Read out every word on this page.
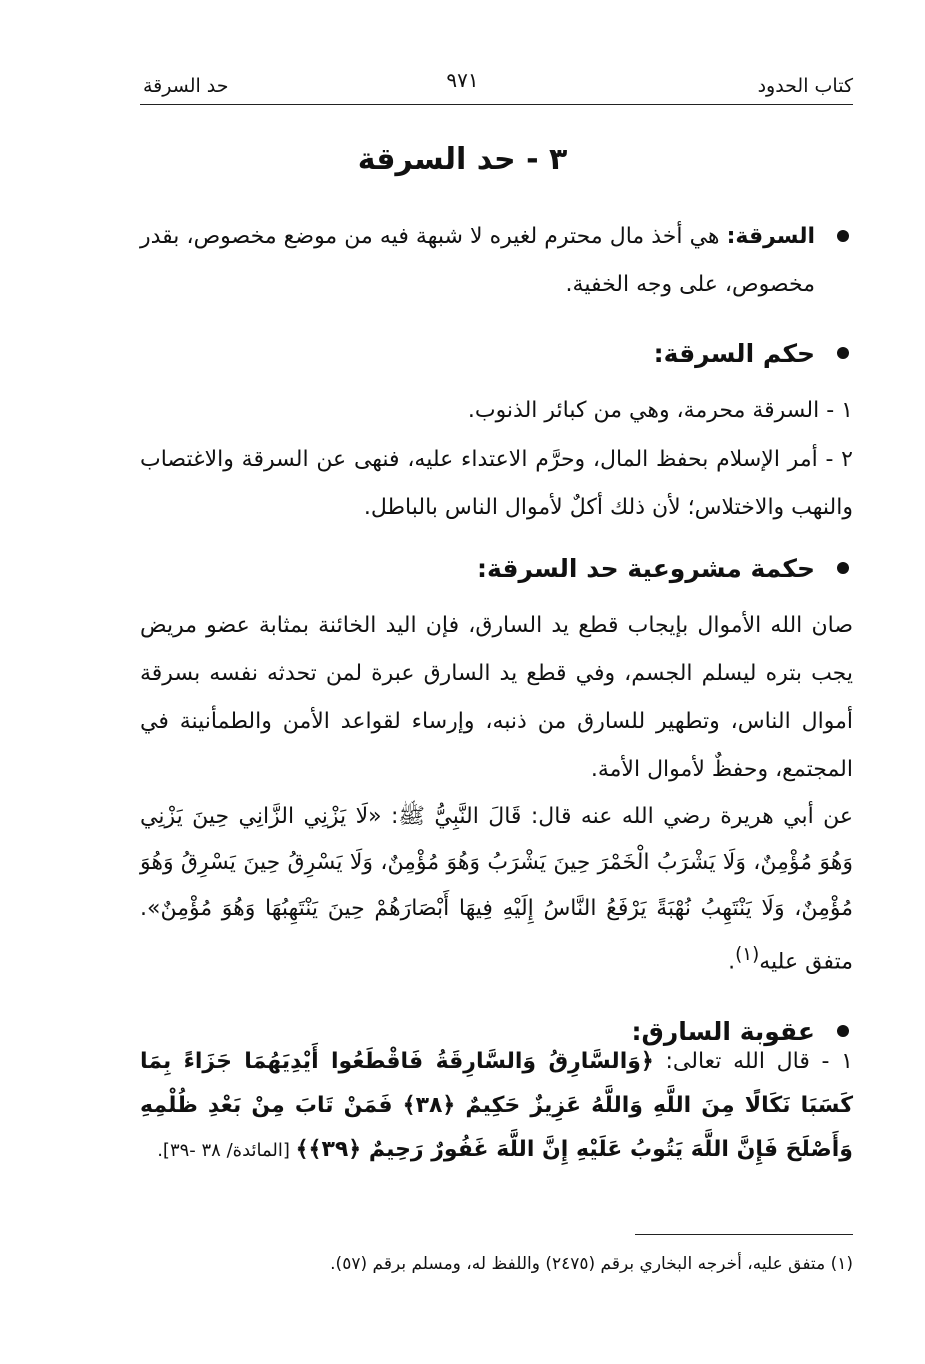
كتاب الحدود
٩٧١
حد السرقة
٣ - حد السرقة
السرقة: هي أخذ مال محترم لغيره لا شبهة فيه من موضع مخصوص، بقدر مخصوص، على وجه الخفية.
حكم السرقة:
١ - السرقة محرمة، وهي من كبائر الذنوب.
٢ - أمر الإسلام بحفظ المال، وحرَّم الاعتداء عليه، فنهى عن السرقة والاغتصاب والنهب والاختلاس؛ لأن ذلك أكلٌ لأموال الناس بالباطل.
حكمة مشروعية حد السرقة:
صان الله الأموال بإيجاب قطع يد السارق، فإن اليد الخائنة بمثابة عضو مريض يجب بتره ليسلم الجسم، وفي قطع يد السارق عبرة لمن تحدثه نفسه بسرقة أموال الناس، وتطهير للسارق من ذنبه، وإرساء لقواعد الأمن والطمأنينة في المجتمع، وحفظٌ لأموال الأمة.
عن أبي هريرة رضي الله عنه قال: قَالَ النَّبِيُّ ﷺ: «لَا يَزْنِي الزَّانِي حِينَ يَزْنِي وَهُوَ مُؤْمِنٌ، وَلَا يَشْرَبُ الْخَمْرَ حِينَ يَشْرَبُ وَهُوَ مُؤْمِنٌ، وَلَا يَسْرِقُ حِينَ يَسْرِقُ وَهُوَ مُؤْمِنٌ، وَلَا يَنْتَهِبُ نُهْبَةً يَرْفَعُ النَّاسُ إِلَيْهِ فِيهَا أَبْصَارَهُمْ حِينَ يَنْتَهِبُهَا وَهُوَ مُؤْمِنٌ». متفق عليه$^{(١)}$.
عقوبة السارق:
١ - قال الله تعالى: ﴿وَالسَّارِقُ وَالسَّارِقَةُ فَاقْطَعُوا أَيْدِيَهُمَا جَزَاءً بِمَا كَسَبَا نَكَالًا مِنَ اللَّهِ وَاللَّهُ عَزِيزٌ حَكِيمٌ ﴿٣٨﴾ فَمَنْ تَابَ مِنْ بَعْدِ ظُلْمِهِ وَأَصْلَحَ فَإِنَّ اللَّهَ يَتُوبُ عَلَيْهِ إِنَّ اللَّهَ غَفُورٌ رَحِيمٌ ﴿٣٩﴾﴾ [المائدة/ ٣٨ -٣٩].
(١) متفق عليه، أخرجه البخاري برقم (٢٤٧٥) واللفظ له، ومسلم برقم (٥٧).
